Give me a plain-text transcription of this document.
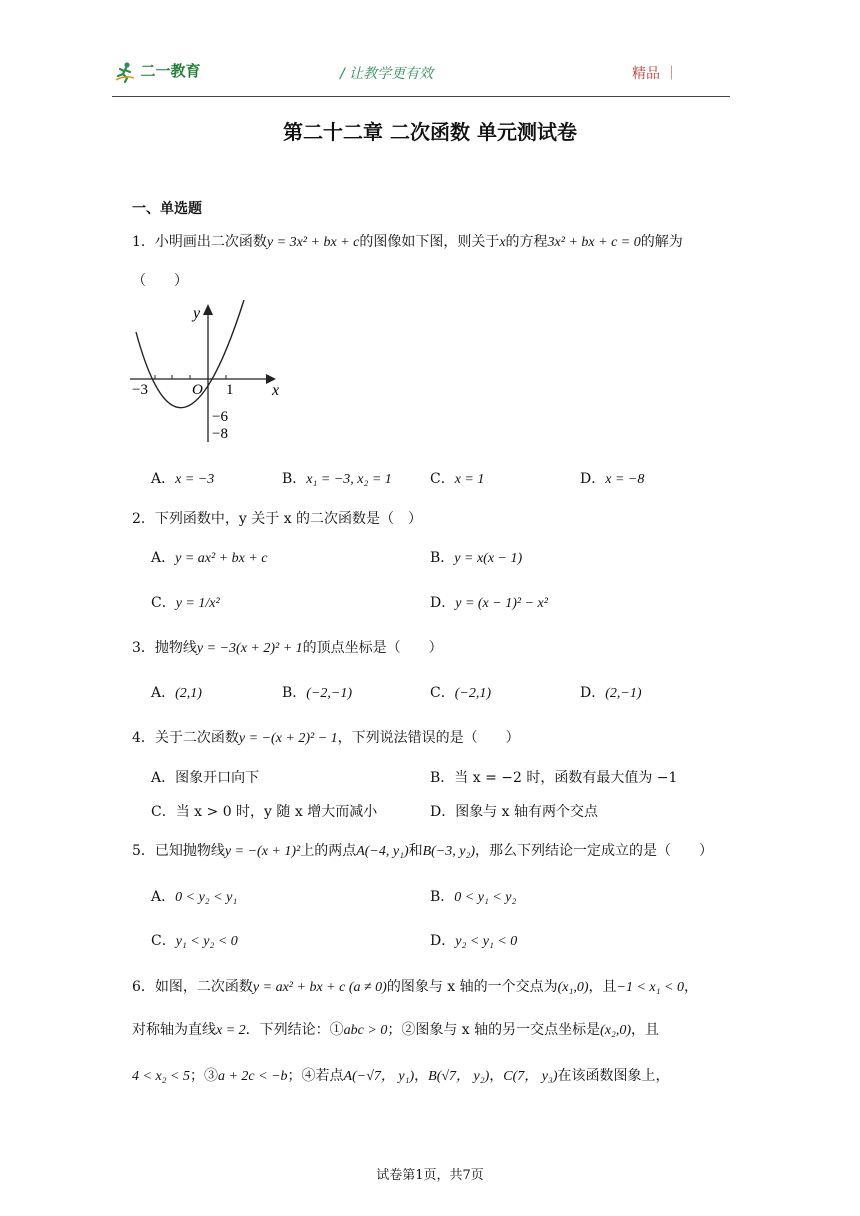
二一教育	/ 让教学更有效	精品 ｜
第二十二章 二次函数 单元测试卷
一、单选题
1．小明画出二次函数y = 3x² + bx + c的图像如下图，则关于x的方程3x² + bx + c = 0的解为
（　　）
y
x
O
−3	1
−6
−8
A．x = −3	B．x₁ = −3, x₂ = 1	C．x = 1	D．x = −8
2．下列函数中，y 关于 x 的二次函数是（　）
A．y = ax² + bx + c	B．y = x(x − 1)
C．y = 1/x²	D．y = (x − 1)² − x²
3．抛物线y = −3(x + 2)² + 1的顶点坐标是（　　）
A．(2,1)	B．(−2,−1)	C．(−2,1)	D．(2,−1)
4．关于二次函数y = −(x + 2)² − 1，下列说法错误的是（　　）
A．图象开口向下	B．当 x = −2 时，函数有最大值为 −1
C．当 x > 0 时，y 随 x 增大而减小	D．图象与 x 轴有两个交点
5．已知抛物线y = −(x + 1)²上的两点A(−4, y₁)和B(−3, y₂)，那么下列结论一定成立的是（　　）
A．0 < y₂ < y₁	B．0 < y₁ < y₂
C．y₁ < y₂ < 0	D．y₂ < y₁ < 0
6．如图，二次函数y = ax² + bx + c (a ≠ 0)的图象与 x 轴的一个交点为(x₁,0)，且−1 < x₁ < 0，
对称轴为直线x = 2．下列结论：①abc > 0；②图象与 x 轴的另一交点坐标是(x₂,0)，且
4 < x₂ < 5；③a + 2c < −b；④若点A(−√7， y₁)，B(√7， y₂)，C(7， y₃)在该函数图象上，
试卷第1页，共7页
